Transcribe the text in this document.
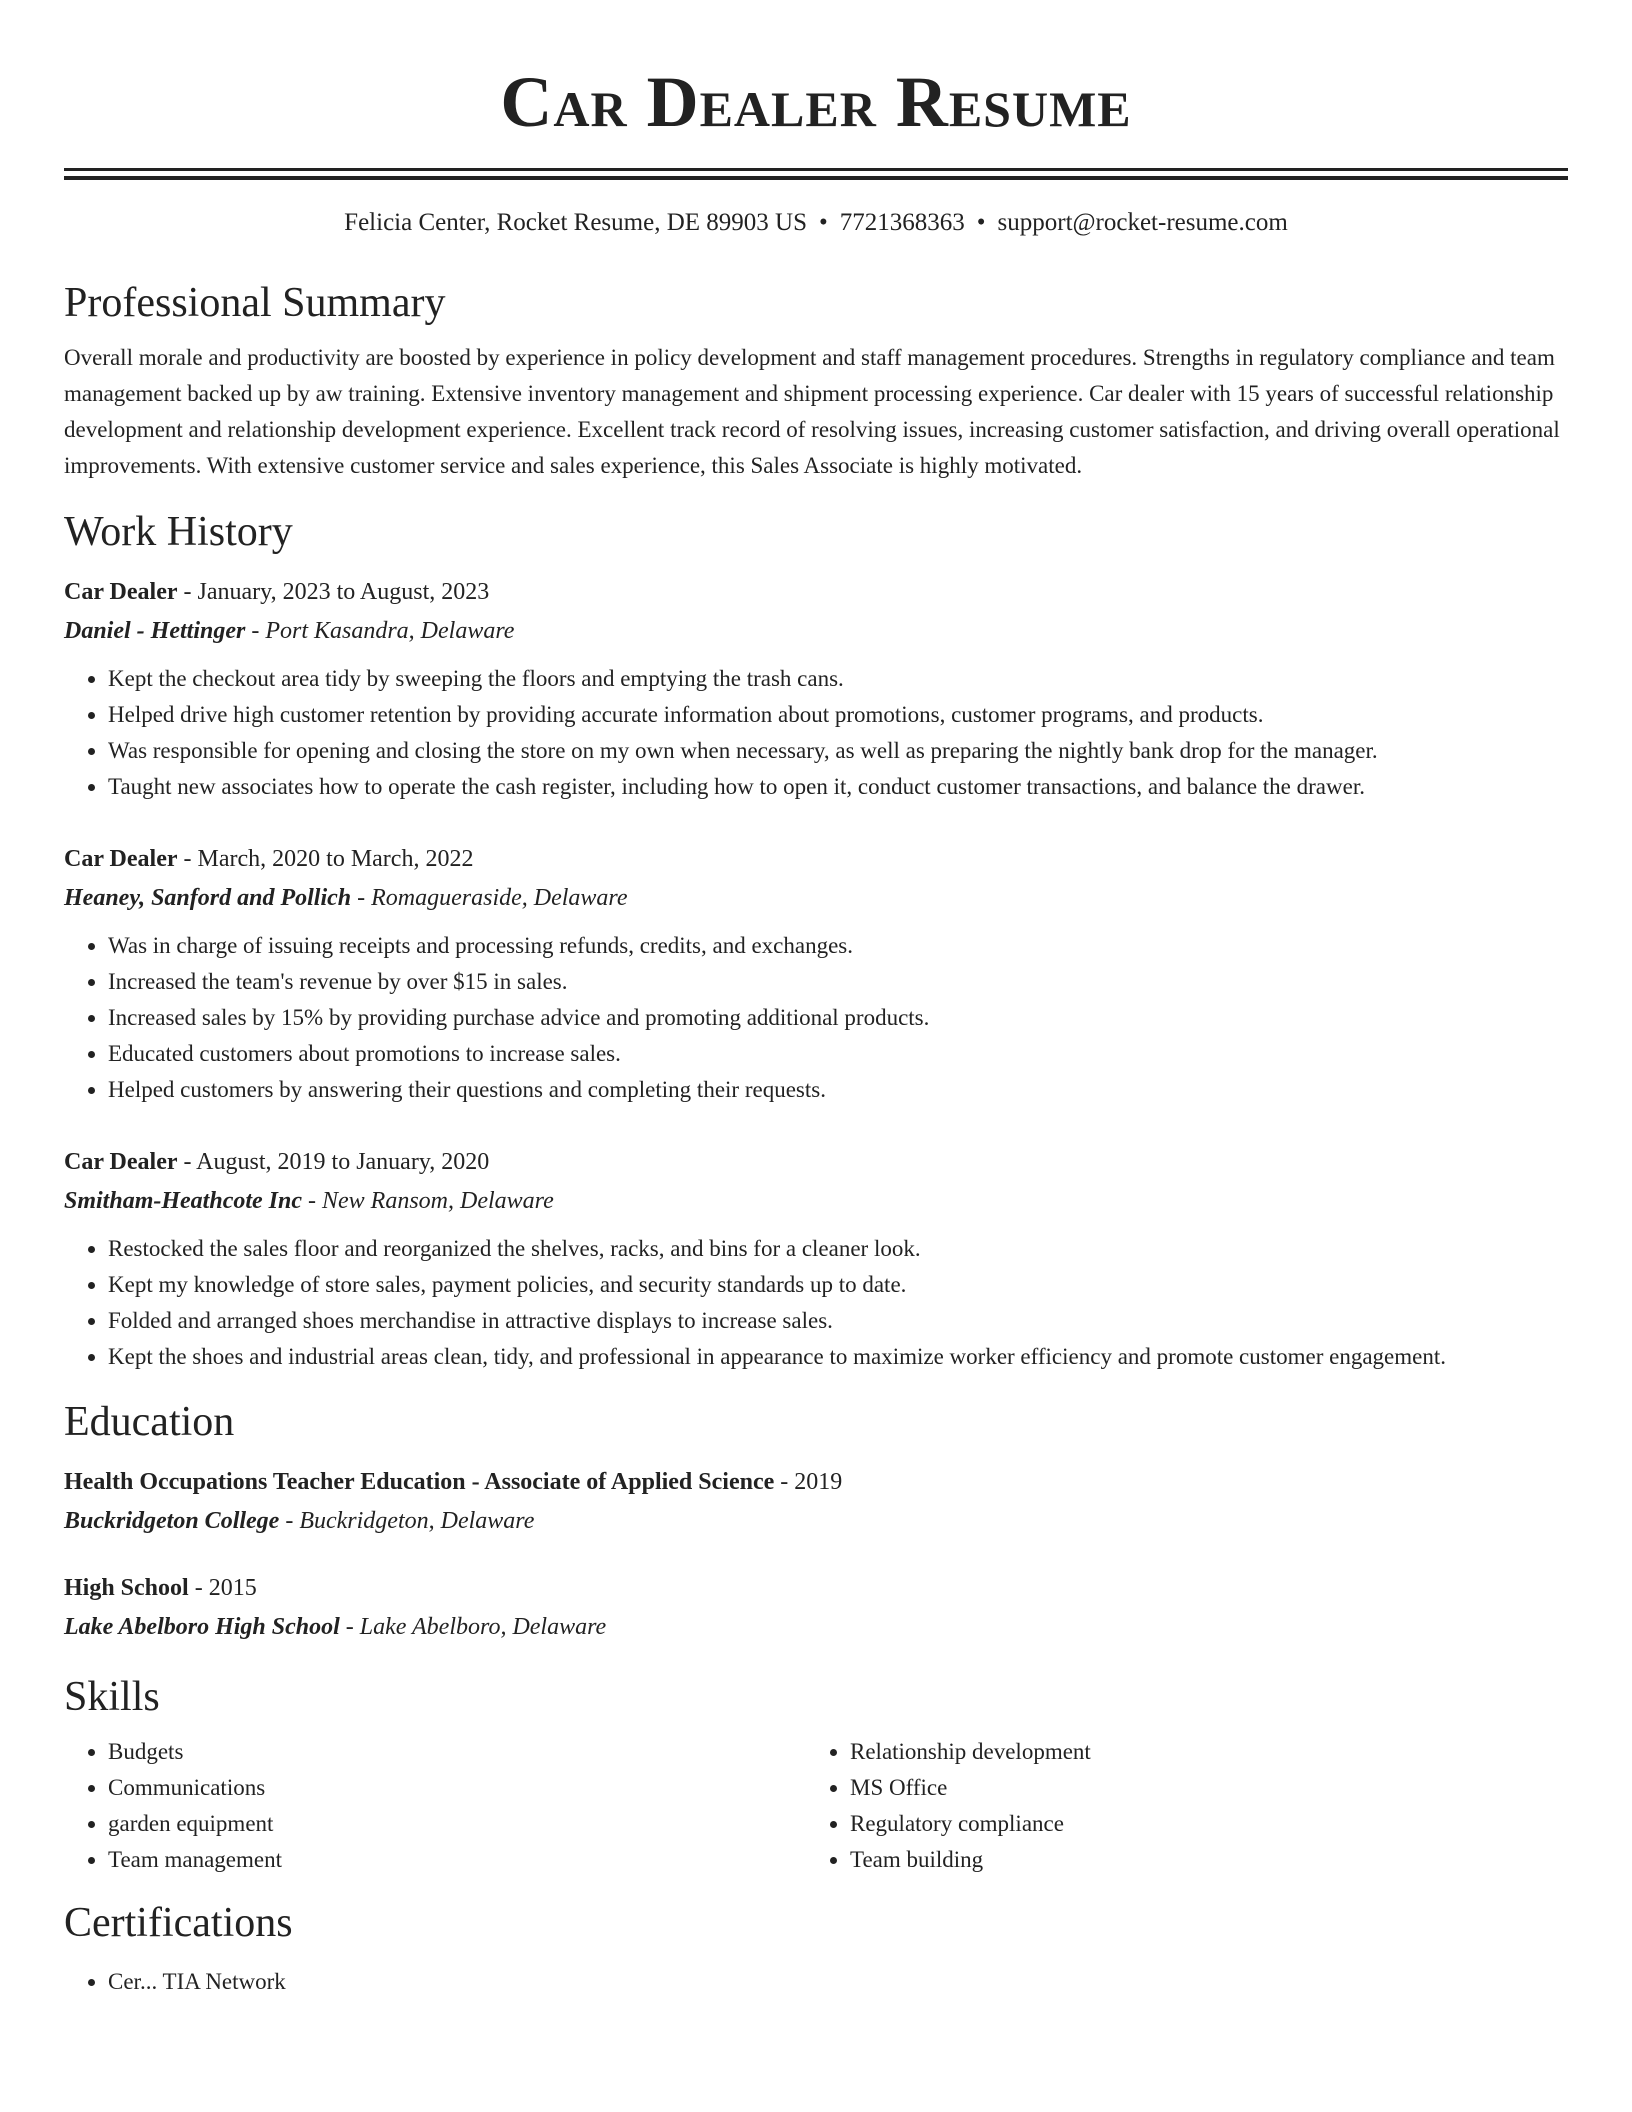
Car Dealer Resume
Felicia Center, Rocket Resume, DE 89903 US • 7721368363 • support@rocket-resume.com
Professional Summary
Overall morale and productivity are boosted by experience in policy development and staff management procedures. Strengths in regulatory compliance and team management backed up by aw training. Extensive inventory management and shipment processing experience. Car dealer with 15 years of successful relationship development and relationship development experience. Excellent track record of resolving issues, increasing customer satisfaction, and driving overall operational improvements. With extensive customer service and sales experience, this Sales Associate is highly motivated.
Work History
Car Dealer - January, 2023 to August, 2023
Daniel - Hettinger - Port Kasandra, Delaware
• Kept the checkout area tidy by sweeping the floors and emptying the trash cans.
• Helped drive high customer retention by providing accurate information about promotions, customer programs, and products.
• Was responsible for opening and closing the store on my own when necessary, as well as preparing the nightly bank drop for the manager.
• Taught new associates how to operate the cash register, including how to open it, conduct customer transactions, and balance the drawer.
Car Dealer - March, 2020 to March, 2022
Heaney, Sanford and Pollich - Romagueraside, Delaware
• Was in charge of issuing receipts and processing refunds, credits, and exchanges.
• Increased the team's revenue by over $15 in sales.
• Increased sales by 15% by providing purchase advice and promoting additional products.
• Educated customers about promotions to increase sales.
• Helped customers by answering their questions and completing their requests.
Car Dealer - August, 2019 to January, 2020
Smitham-Heathcote Inc - New Ransom, Delaware
• Restocked the sales floor and reorganized the shelves, racks, and bins for a cleaner look.
• Kept my knowledge of store sales, payment policies, and security standards up to date.
• Folded and arranged shoes merchandise in attractive displays to increase sales.
• Kept the shoes and industrial areas clean, tidy, and professional in appearance to maximize worker efficiency and promote customer engagement.
Education
Health Occupations Teacher Education - Associate of Applied Science - 2019
Buckridgeton College - Buckridgeton, Delaware
High School - 2015
Lake Abelboro High School - Lake Abelboro, Delaware
Skills
• Budgets
• Communications
• garden equipment
• Team management
• Relationship development
• MS Office
• Regulatory compliance
• Team building
Certifications
• Cer... TIA Network
